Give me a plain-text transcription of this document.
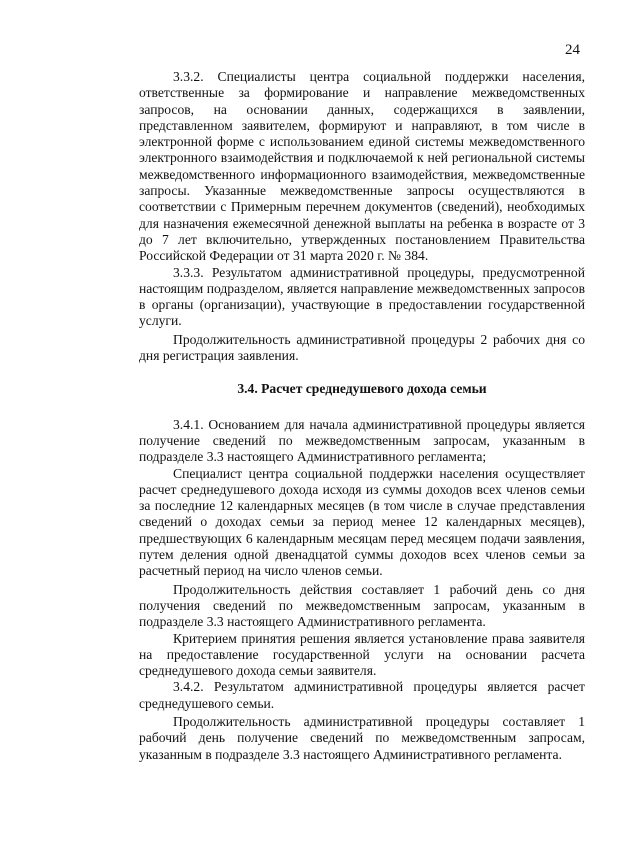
24

3.3.2. Специалисты центра социальной поддержки населения, ответственные за формирование и направление межведомственных запросов, на основании данных, содержащихся в заявлении, представленном заявителем, формируют и направляют, в том числе в электронной форме с использованием единой системы межведомственного электронного взаимодействия и подключаемой к ней региональной системы межведомственного информационного взаимодействия, межведомственные запросы. Указанные межведомственные запросы осуществляются в соответствии с Примерным перечнем документов (сведений), необходимых для назначения ежемесячной денежной выплаты на ребенка в возрасте от 3 до 7 лет включительно, утвержденных постановлением Правительства Российской Федерации от 31 марта 2020 г. № 384.

3.3.3. Результатом административной процедуры, предусмотренной настоящим подразделом, является направление межведомственных запросов в органы (организации), участвующие в предоставлении государственной услуги.

Продолжительность административной процедуры 2 рабочих дня со дня регистрация заявления.

3.4. Расчет среднедушевого дохода семьи

3.4.1. Основанием для начала административной процедуры является получение сведений по межведомственным запросам, указанным в подразделе 3.3 настоящего Административного регламента;

Специалист центра социальной поддержки населения осуществляет расчет среднедушевого дохода исходя из суммы доходов всех членов семьи за последние 12 календарных месяцев (в том числе в случае представления сведений о доходах семьи за период менее 12 календарных месяцев), предшествующих 6 календарным месяцам перед месяцем подачи заявления, путем деления одной двенадцатой суммы доходов всех членов семьи за расчетный период на число членов семьи.

Продолжительность действия составляет 1 рабочий день со дня получения сведений по межведомственным запросам, указанным в подразделе 3.3 настоящего Административного регламента.

Критерием принятия решения является установление права заявителя на предоставление государственной услуги на основании расчета среднедушевого дохода семьи заявителя.

3.4.2. Результатом административной процедуры является расчет среднедушевого семьи.

Продолжительность административной процедуры составляет 1 рабочий день получение сведений по межведомственным запросам, указанным в подразделе 3.3 настоящего Административного регламента.
